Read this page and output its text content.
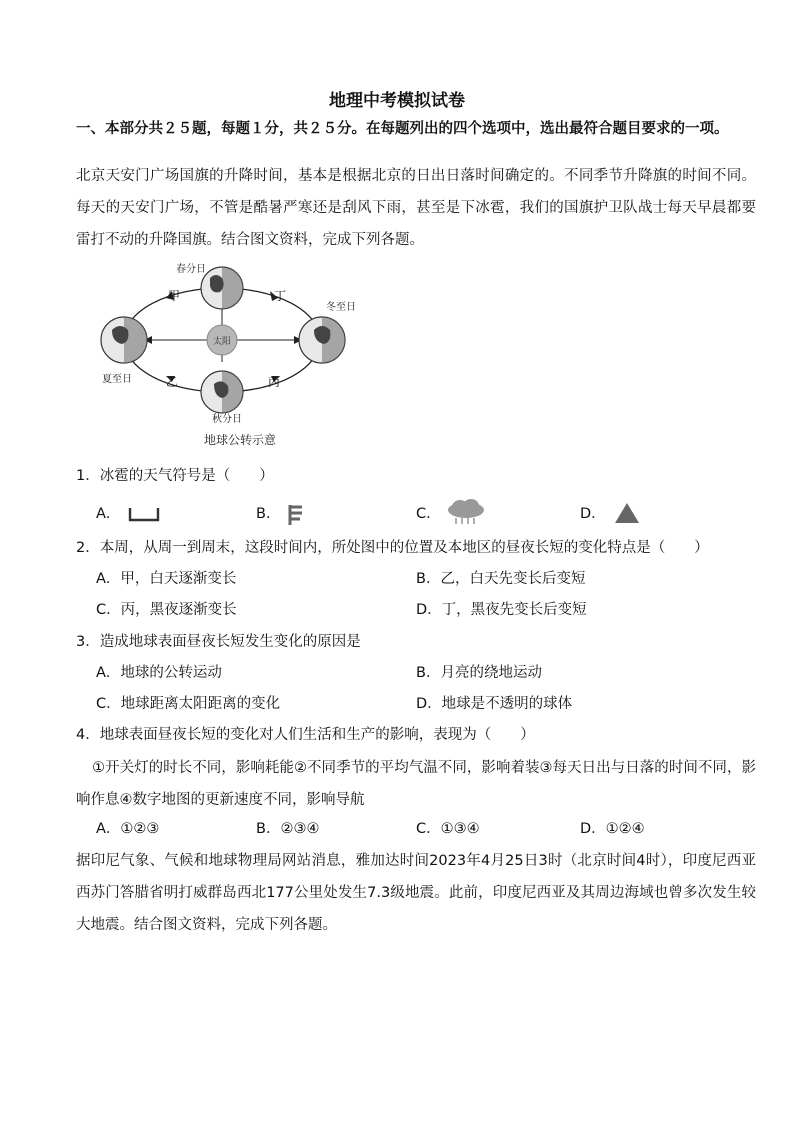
地理中考模拟试卷
一、本部分共２５题，每题１分，共２５分。在每题列出的四个选项中，选出最符合题目要求的一项。
北京天安门广场国旗的升降时间，基本是根据北京的日出日落时间确定的。不同季节升降旗的时间不同。每天的天安门广场，不管是酷暑严寒还是刮风下雨，甚至是下冰雹，我们的国旗护卫队战士每天早晨都要雷打不动的升降国旗。结合图文资料，完成下列各题。
太阳
春分日
夏至日
秋分日
冬至日
甲
乙	丙
丁
地球公转示意
1．冰雹的天气符号是（　　）
A．	B．	C．	D．
2．本周，从周一到周末，这段时间内，所处图中的位置及本地区的昼夜长短的变化特点是（　　）
A．甲，白天逐渐变长	B．乙，白天先变长后变短
C．丙，黑夜逐渐变长	D．丁，黑夜先变长后变短
3．造成地球表面昼夜长短发生变化的原因是
A．地球的公转运动	B．月亮的绕地运动
C．地球距离太阳距离的变化	D．地球是不透明的球体
4．地球表面昼夜长短的变化对人们生活和生产的影响，表现为（　　）
①开关灯的时长不同，影响耗能②不同季节的平均气温不同，影响着装③每天日出与日落的时间不同，影响作息④数字地图的更新速度不同，影响导航
A．①②③	B．②③④	C．①③④	D．①②④
据印尼气象、气候和地球物理局网站消息，雅加达时间2023年4月25日3时（北京时间4时），印度尼西亚西苏门答腊省明打威群岛西北177公里处发生7.3级地震。此前，印度尼西亚及其周边海域也曾多次发生较大地震。结合图文资料，完成下列各题。
